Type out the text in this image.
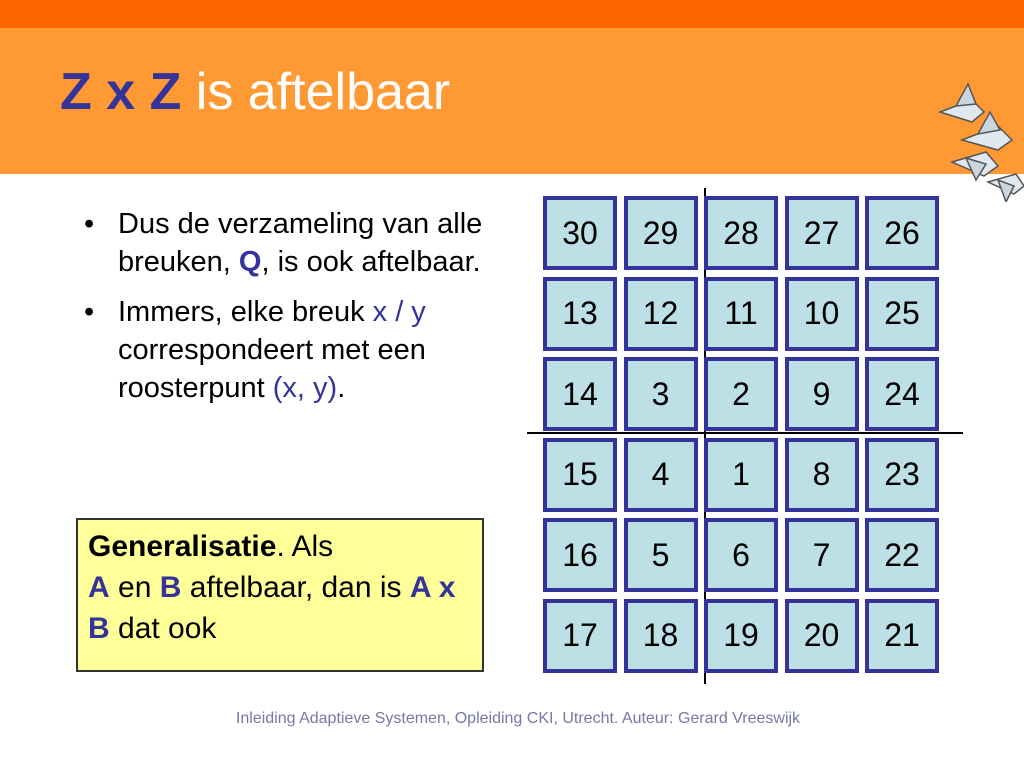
Z x Z is aftelbaar
• Dus de verzameling van alle breuken, Q, is ook aftelbaar.
• Immers, elke breuk x / y correspondeert met een roosterpunt (x, y).
Generalisatie. Als
A en B aftelbaar, dan is A x B dat ook
30	29	28	27	26
13	12	11	10	25
14	3	2	9	24
15	4	1	8	23
16	5	6	7	22
17	18	19	20	21
Inleiding Adaptieve Systemen, Opleiding CKI, Utrecht. Auteur: Gerard Vreeswijk
